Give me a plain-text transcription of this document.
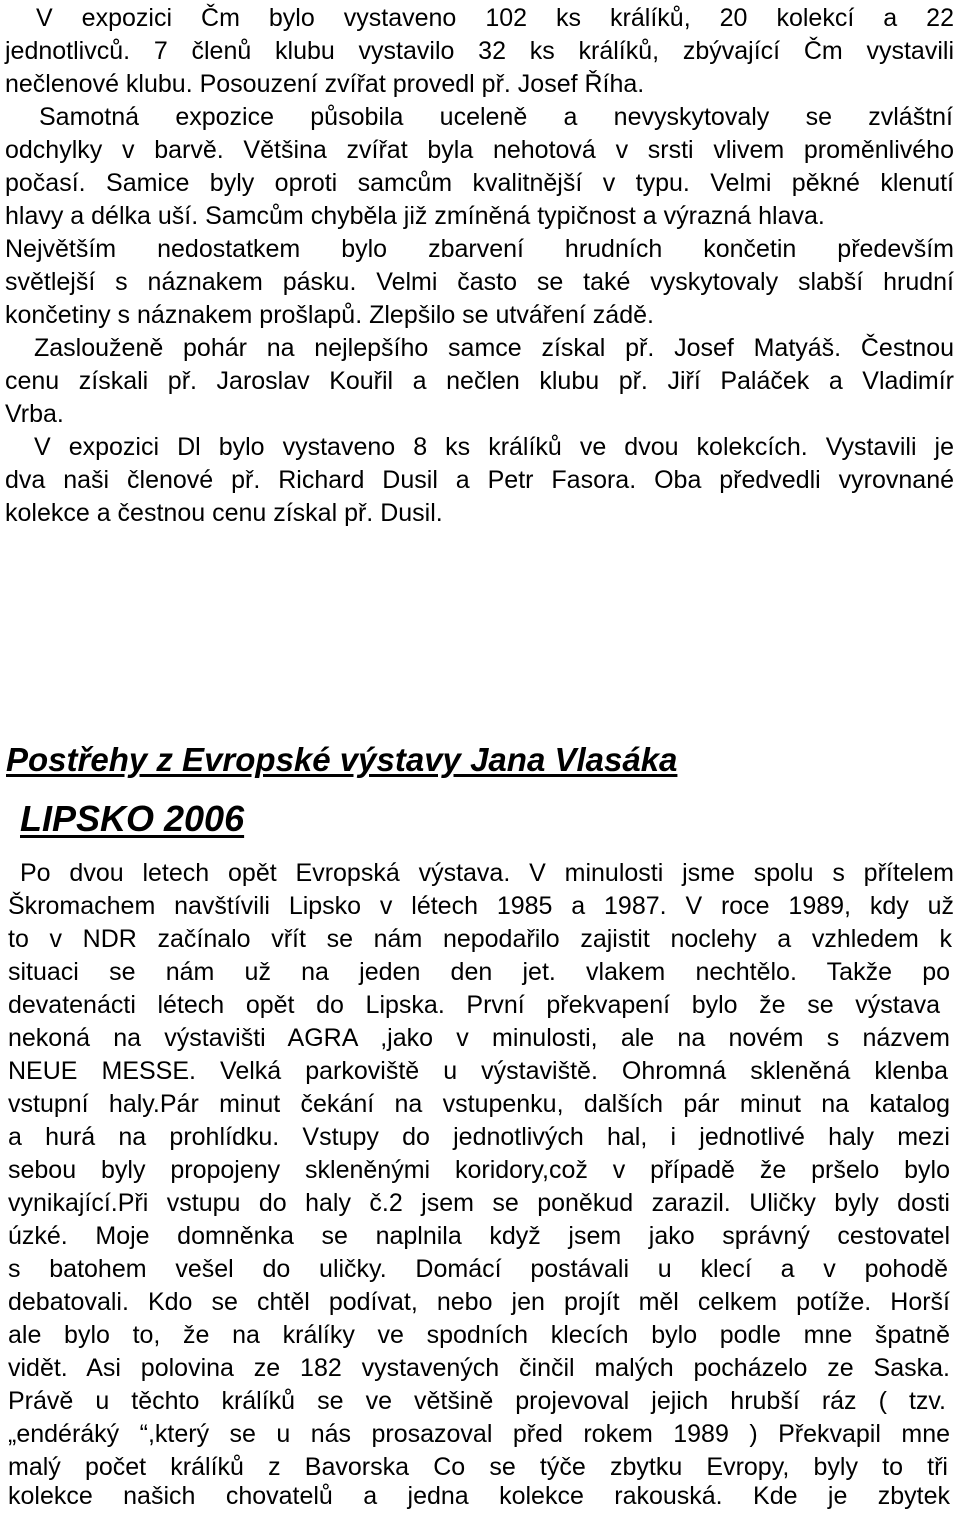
V expozici Čm bylo vystaveno 102 ks králíků, 20 kolekcí a 22

jednotlivců. 7 členů klubu vystavilo 32 ks králíků, zbývající Čm vystavili

nečlenové klubu. Posouzení zvířat provedl př. Josef Říha.

Samotná expozice působila uceleně a nevyskytovaly se zvláštní

odchylky v barvě. Většina zvířat byla nehotová v srsti vlivem proměnlivého

počasí. Samice byly oproti samcům kvalitnější v typu. Velmi pěkné klenutí

hlavy a délka uší. Samcům chyběla již zmíněná typičnost a výrazná hlava.

Největším nedostatkem bylo zbarvení hrudních končetin především

světlejší s náznakem pásku. Velmi často se také vyskytovaly slabší hrudní

končetiny s náznakem prošlapů. Zlepšilo se utváření zádě.

Zaslouženě pohár na nejlepšího samce získal př. Josef Matyáš. Čestnou

cenu získali př. Jaroslav Kouřil a nečlen klubu př. Jiří Paláček a Vladimír

Vrba.

V expozici Dl bylo vystaveno 8 ks králíků ve dvou kolekcích. Vystavili je

dva naši členové př. Richard Dusil a Petr Fasora. Oba předvedli vyrovnané

kolekce a čestnou cenu získal př. Dusil.

Postřehy z Evropské výstavy Jana Vlasáka
LIPSKO 2006

Po dvou letech opět Evropská výstava. V minulosti jsme spolu s přítelem

Škromachem navštívili Lipsko v létech 1985 a 1987. V roce 1989, kdy už

to v NDR začínalo vřít se nám nepodařilo zajistit noclehy a vzhledem k

situaci se nám už na jeden den jet. vlakem nechtělo. Takže po

devatenácti létech opět do Lipska. První překvapení bylo že se výstava

nekoná na výstavišti AGRA ,jako v minulosti, ale na novém s názvem

NEUE MESSE. Velká parkoviště u výstaviště. Ohromná skleněná klenba

vstupní haly.Pár minut čekání na vstupenku, dalších pár minut na katalog

a hurá na prohlídku. Vstupy do jednotlivých hal, i jednotlivé haly mezi

sebou byly propojeny skleněnými koridory,což v případě že pršelo bylo

vynikající.Při vstupu do haly č.2 jsem se poněkud zarazil. Uličky byly dosti

úzké. Moje domněnka se naplnila když jsem jako správný cestovatel

s batohem vešel do uličky. Domácí postávali u klecí a v pohodě

debatovali. Kdo se chtěl podívat, nebo jen projít měl celkem potíže. Horší

ale bylo to, že na králíky ve spodních klecích bylo podle mne špatně

vidět. Asi polovina ze 182 vystavených činčil malých pocházelo ze Saska.

Právě u těchto králíků se ve většině projevoval jejich hrubší ráz ( tzv.

„endéráký “,který se u nás prosazoval před rokem 1989 ) Překvapil mne

malý počet králíků z Bavorska Co se týče zbytku Evropy, byly to tři

kolekce našich chovatelů a jedna kolekce rakouská. Kde je zbytek
